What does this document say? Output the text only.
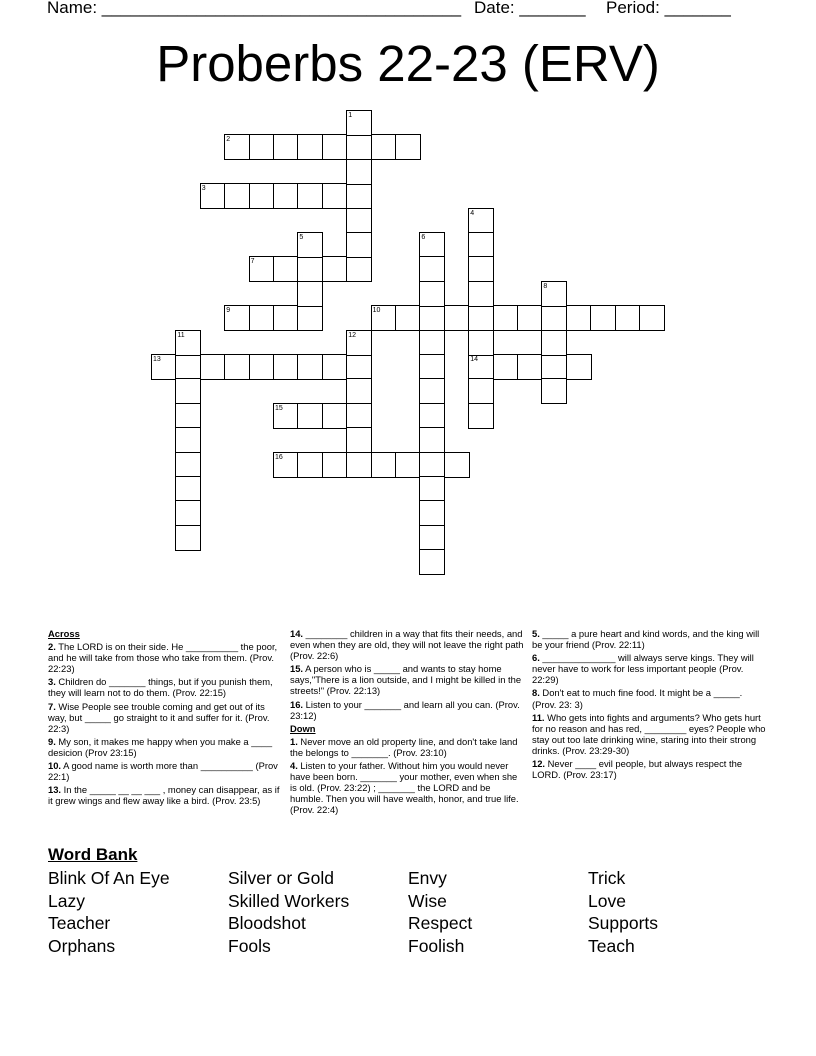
Name: ______________________________________ Date: _______ Period: _______
Proberbs 22-23 (ERV)
2
3
7
9	10
13	14
15
16
1
4
5	6
8
11	12
Across
2. The LORD is on their side. He __________ the poor, and he will take from those who take from them. (Prov. 22:23)
3. Children do _______ things, but if you punish them, they will learn not to do them. (Prov. 22:15)
7. Wise People see trouble coming and get out of its way, but _____ go straight to it and suffer for it. (Prov. 22:3)
9. My son, it makes me happy when you make a ____ desicion (Prov 23:15)
10. A good name is worth more than __________ (Prov 22:1)
13. In the _____ __ __ ___ , money can disappear, as if it grew wings and flew away like a bird. (Prov. 23:5)
14. ________ children in a way that fits their needs, and even when they are old, they will not leave the right path (Prov. 22:6)
15. A person who is _____ and wants to stay home says,"There is a lion outside, and I might be killed in the streets!" (Prov. 22:13)
16. Listen to your _______ and learn all you can. (Prov. 23:12)
Down
1. Never move an old property line, and don't take land the belongs to _______. (Prov. 23:10)
4. Listen to your father. Without him you would never have been born. _______ your mother, even when she is old. (Prov. 23:22) ; _______ the LORD and be humble. Then you will have wealth, honor, and true life. (Prov. 22:4)
5. _____ a pure heart and kind words, and the king will be your friend (Prov. 22:11)
6. ______________ will always serve kings. They will never have to work for less important people (Prov. 22:29)
8. Don't eat to much fine food. It might be a _____. (Prov. 23: 3)
11. Who gets into fights and arguments? Who gets hurt for no reason and has red, ________ eyes? People who stay out too late drinking wine, staring into their strong drinks. (Prov. 23:29-30)
12. Never ____ evil people, but always respect the LORD. (Prov. 23:17)
Word Bank
Blink Of An Eye	Silver or Gold	Envy	Trick
Lazy	Skilled Workers	Wise	Love
Teacher	Bloodshot	Respect	Supports
Orphans	Fools	Foolish	Teach
